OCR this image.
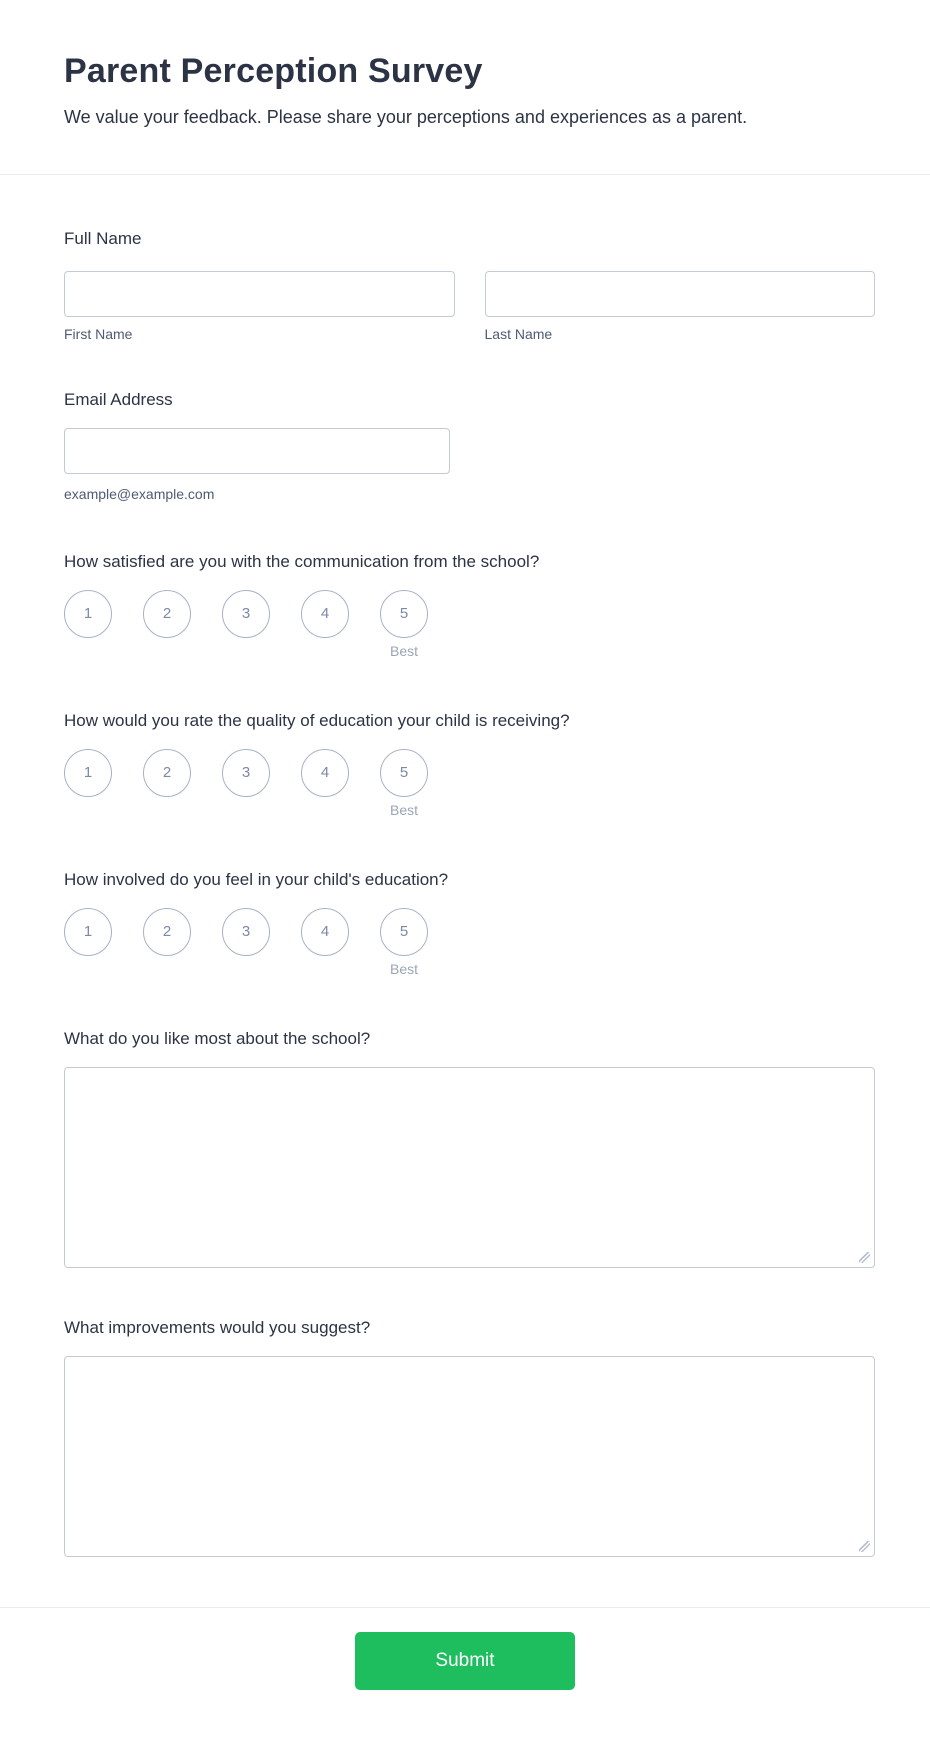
Parent Perception Survey
We value your feedback. Please share your perceptions and experiences as a parent.
Full Name
First Name	Last Name
Email Address
example@example.com
How satisfied are you with the communication from the school?
1	2	3	4	5
Best
How would you rate the quality of education your child is receiving?
1	2	3	4	5
Best
How involved do you feel in your child's education?
1	2	3	4	5
Best
What do you like most about the school?
What improvements would you suggest?
Submit
